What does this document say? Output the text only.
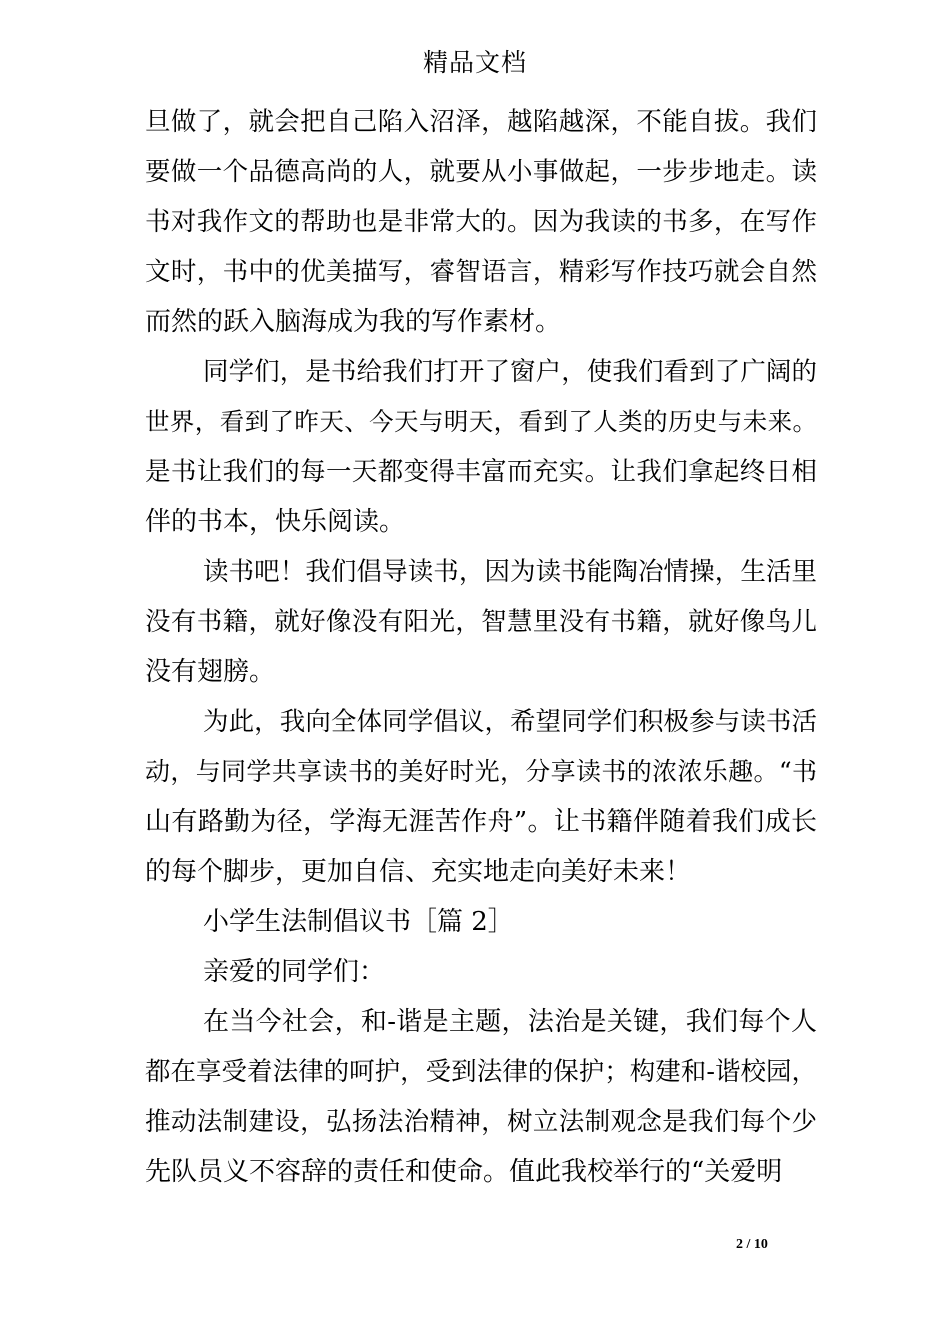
精品文档
旦做了，就会把自己陷入沼泽，越陷越深，不能自拔。我们
要做一个品德高尚的人，就要从小事做起，一步步地走。读
书对我作文的帮助也是非常大的。因为我读的书多，在写作
文时，书中的优美描写，睿智语言，精彩写作技巧就会自然
而然的跃入脑海成为我的写作素材。
同学们，是书给我们打开了窗户，使我们看到了广阔的
世界，看到了昨天、今天与明天，看到了人类的历史与未来。
是书让我们的每一天都变得丰富而充实。让我们拿起终日相
伴的书本，快乐阅读。
读书吧！我们倡导读书，因为读书能陶冶情操，生活里
没有书籍，就好像没有阳光，智慧里没有书籍，就好像鸟儿
没有翅膀。
为此，我向全体同学倡议，希望同学们积极参与读书活
动，与同学共享读书的美好时光，分享读书的浓浓乐趣。“书
山有路勤为径，学海无涯苦作舟”。让书籍伴随着我们成长
的每个脚步，更加自信、充实地走向美好未来！
小学生法制倡议书［篇 2］
亲爱的同学们：
在当今社会，和-谐是主题，法治是关键，我们每个人
都在享受着法律的呵护，受到法律的保护；构建和-谐校园，
推动法制建设，弘扬法治精神，树立法制观念是我们每个少
先队员义不容辞的责任和使命。值此我校举行的“关爱明
2 / 10
